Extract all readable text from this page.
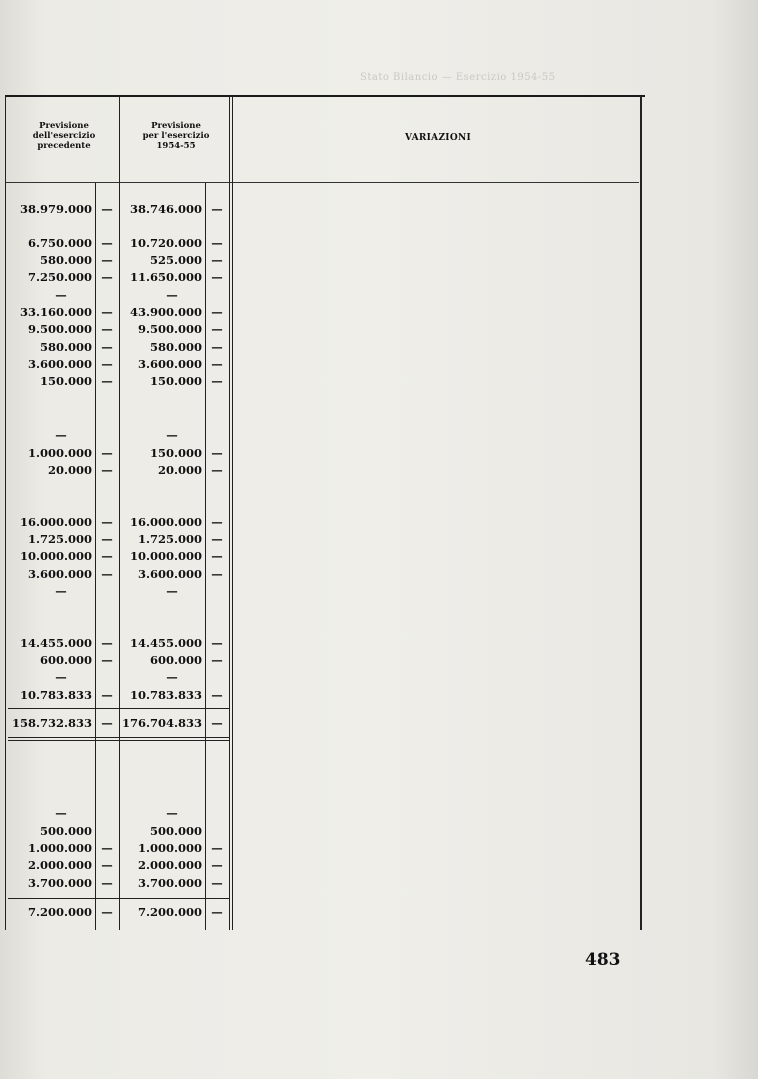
Stato Bilancio — Esercizio 1954-55
Previsione
dell'esercizio
precedente
Previsione
per l'esercizio
1954-55
VARIAZIONI
38.979.000 —	38.746.000 —
6.750.000 —	10.720.000 —
580.000 —	525.000 —
7.250.000 —	11.650.000 —
—	—
33.160.000 —	43.900.000 —
9.500.000 —	9.500.000 —
580.000 —	580.000 —
3.600.000 —	3.600.000 —
150.000 —	150.000 —
—	—
1.000.000 —	150.000 —
20.000 —	20.000 —
16.000.000 —	16.000.000 —
1.725.000 —	1.725.000 —
10.000.000 —	10.000.000 —
3.600.000 —	3.600.000 —
—	—
14.455.000 —	14.455.000 —
600.000 —	600.000 —
—	—
10.783.833 —	10.783.833 —
158.732.833 — 176.704.833 —
—	—
500.000	500.000
1.000.000 —	1.000.000 —
2.000.000 —	2.000.000 —
3.700.000 —	3.700.000 —
7.200.000 —	7.200.000 —
483
